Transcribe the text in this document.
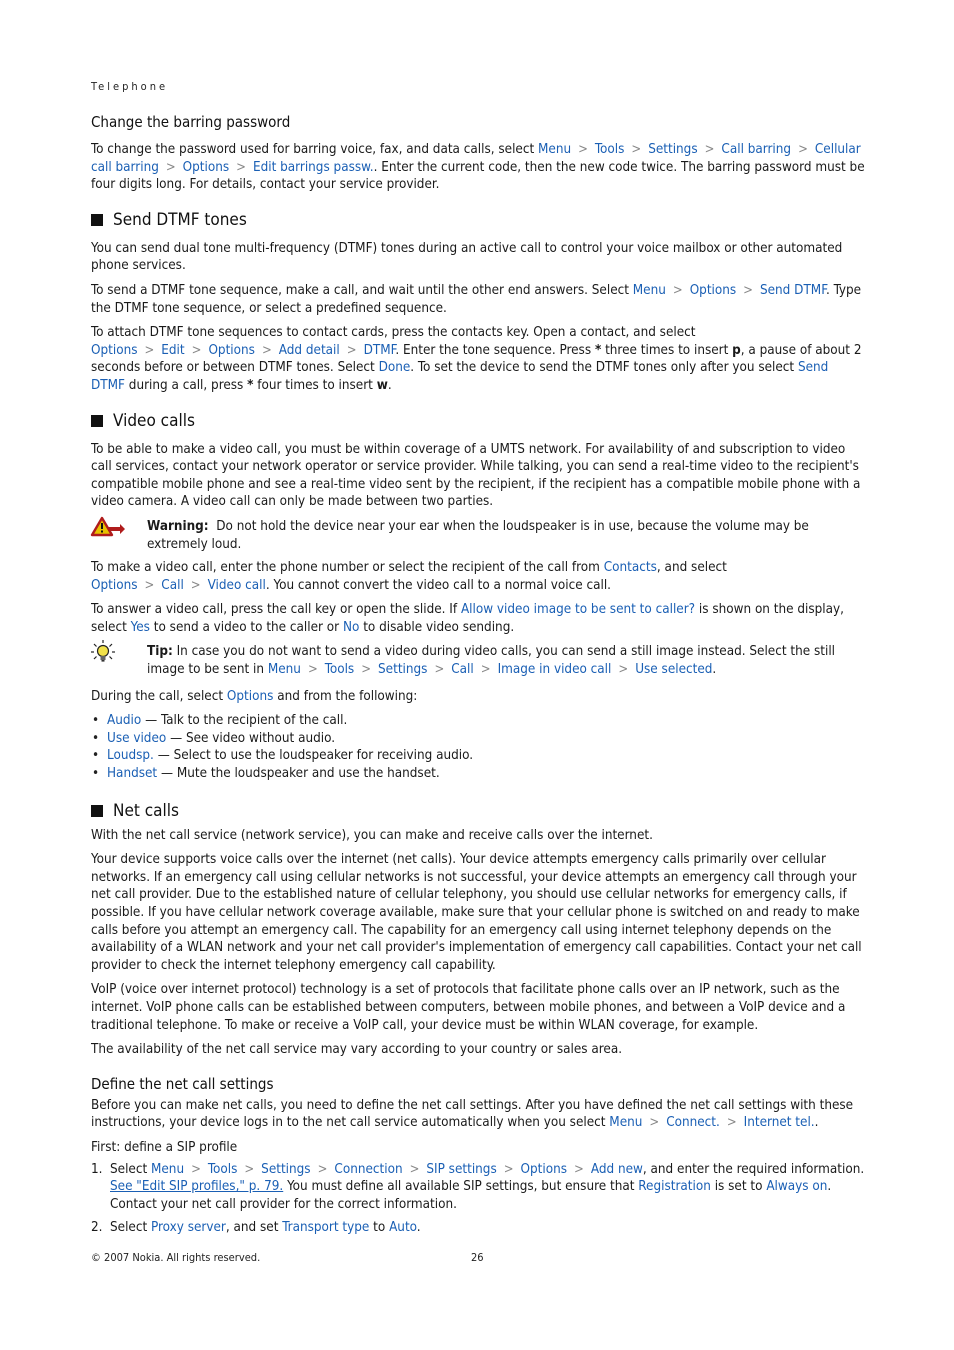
Telephone
Change the barring password

To change the password used for barring voice, fax, and data calls, select Menu > Tools > Settings > Call barring > Cellular call barring > Options > Edit barrings passw.. Enter the current code, then the new code twice. The barring password must be four digits long. For details, contact your service provider.

Send DTMF tones

You can send dual tone multi-frequency (DTMF) tones during an active call to control your voice mailbox or other automated phone services.

To send a DTMF tone sequence, make a call, and wait until the other end answers. Select Menu > Options > Send DTMF. Type the DTMF tone sequence, or select a predefined sequence.

To attach DTMF tone sequences to contact cards, press the contacts key. Open a contact, and select Options > Edit > Options > Add detail > DTMF. Enter the tone sequence. Press * three times to insert p, a pause of about 2 seconds before or between DTMF tones. Select Done. To set the device to send the DTMF tones only after you select Send DTMF during a call, press * four times to insert w.

Video calls

To be able to make a video call, you must be within coverage of a UMTS network. For availability of and subscription to video call services, contact your network operator or service provider. While talking, you can send a real-time video to the recipient's compatible mobile phone and see a real-time video sent by the recipient, if the recipient has a compatible mobile phone with a video camera. A video call can only be made between two parties.

Warning: Do not hold the device near your ear when the loudspeaker is in use, because the volume may be extremely loud.

To make a video call, enter the phone number or select the recipient of the call from Contacts, and select Options > Call > Video call. You cannot convert the video call to a normal voice call.

To answer a video call, press the call key or open the slide. If Allow video image to be sent to caller? is shown on the display, select Yes to send a video to the caller or No to disable video sending.

Tip: In case you do not want to send a video during video calls, you can send a still image instead. Select the still image to be sent in Menu > Tools > Settings > Call > Image in video call > Use selected.

During the call, select Options and from the following:

• Audio — Talk to the recipient of the call.
• Use video — See video without audio.
• Loudsp. — Select to use the loudspeaker for receiving audio.
• Handset — Mute the loudspeaker and use the handset.
Net calls

With the net call service (network service), you can make and receive calls over the internet.

Your device supports voice calls over the internet (net calls). Your device attempts emergency calls primarily over cellular networks. If an emergency call using cellular networks is not successful, your device attempts an emergency call through your net call provider. Due to the established nature of cellular telephony, you should use cellular networks for emergency calls, if possible. If you have cellular network coverage available, make sure that your cellular phone is switched on and ready to make calls before you attempt an emergency call. The capability for an emergency call using internet telephony depends on the availability of a WLAN network and your net call provider's implementation of emergency call capabilities. Contact your net call provider to check the internet telephony emergency call capability.

VoIP (voice over internet protocol) technology is a set of protocols that facilitate phone calls over an IP network, such as the internet. VoIP phone calls can be established between computers, between mobile phones, and between a VoIP device and a traditional telephone. To make or receive a VoIP call, your device must be within WLAN coverage, for example.

The availability of the net call service may vary according to your country or sales area.

Define the net call settings

Before you can make net calls, you need to define the net call settings. After you have defined the net call settings with these instructions, your device logs in to the net call service automatically when you select Menu > Connect. > Internet tel..

First: define a SIP profile

1. Select Menu > Tools > Settings > Connection > SIP settings > Options > Add new, and enter the required information. See "Edit SIP profiles," p. 79. You must define all available SIP settings, but ensure that Registration is set to Always on. Contact your net call provider for the correct information.
2. Select Proxy server, and set Transport type to Auto.
© 2007 Nokia. All rights reserved.	26
